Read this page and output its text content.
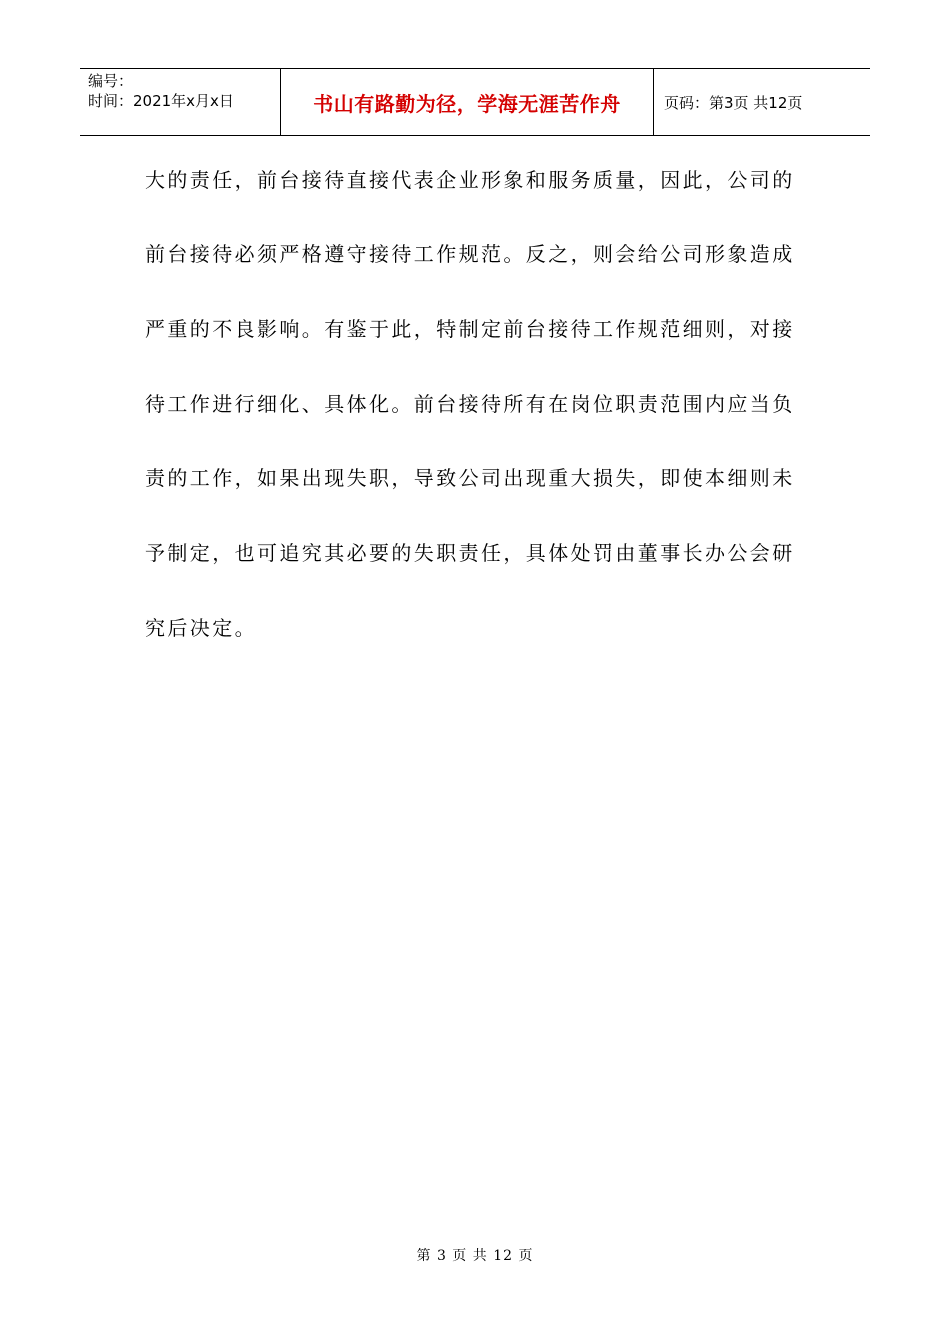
编号：
时间：2021年x月x日	书山有路勤为径，学海无涯苦作舟	页码：第3页 共12页
大的责任，前台接待直接代表企业形象和服务质量，因此，公司的
前台接待必须严格遵守接待工作规范。反之，则会给公司形象造成
严重的不良影响。有鉴于此，特制定前台接待工作规范细则，对接
待工作进行细化、具体化。前台接待所有在岗位职责范围内应当负
责的工作，如果出现失职，导致公司出现重大损失，即使本细则未
予制定，也可追究其必要的失职责任，具体处罚由董事长办公会研
究后决定。
第 3 页 共 12 页
